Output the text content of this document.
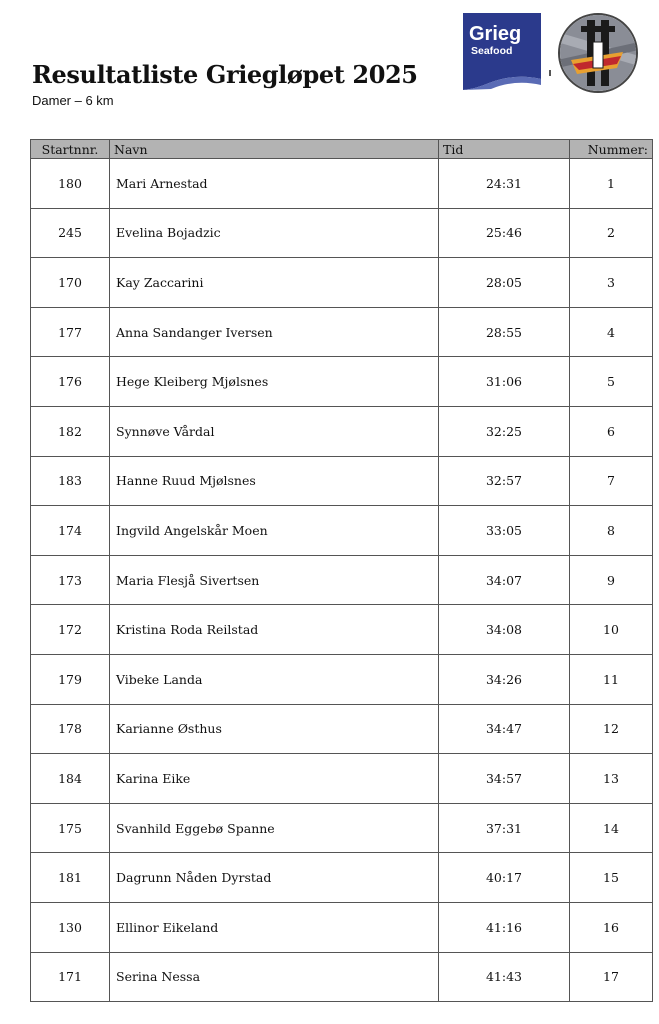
Resultatliste Griegløpet 2025

Damer – 6 km

Grieg
Seafood
Startnnr.	Navn	Tid	Nummer:
180	Mari Arnestad	24:31	1
245	Evelina Bojadzic	25:46	2
170	Kay Zaccarini	28:05	3
177	Anna Sandanger Iversen	28:55	4
176	Hege Kleiberg Mjølsnes	31:06	5
182	Synnøve Vårdal	32:25	6
183	Hanne Ruud Mjølsnes	32:57	7
174	Ingvild Angelskår Moen	33:05	8
173	Maria Flesjå Sivertsen	34:07	9
172	Kristina Roda Reilstad	34:08	10
179	Vibeke Landa	34:26	11
178	Karianne Østhus	34:47	12
184	Karina Eike	34:57	13
175	Svanhild Eggebø Spanne	37:31	14
181	Dagrunn Nåden Dyrstad	40:17	15
130	Ellinor Eikeland	41:16	16
171	Serina Nessa	41:43	17
